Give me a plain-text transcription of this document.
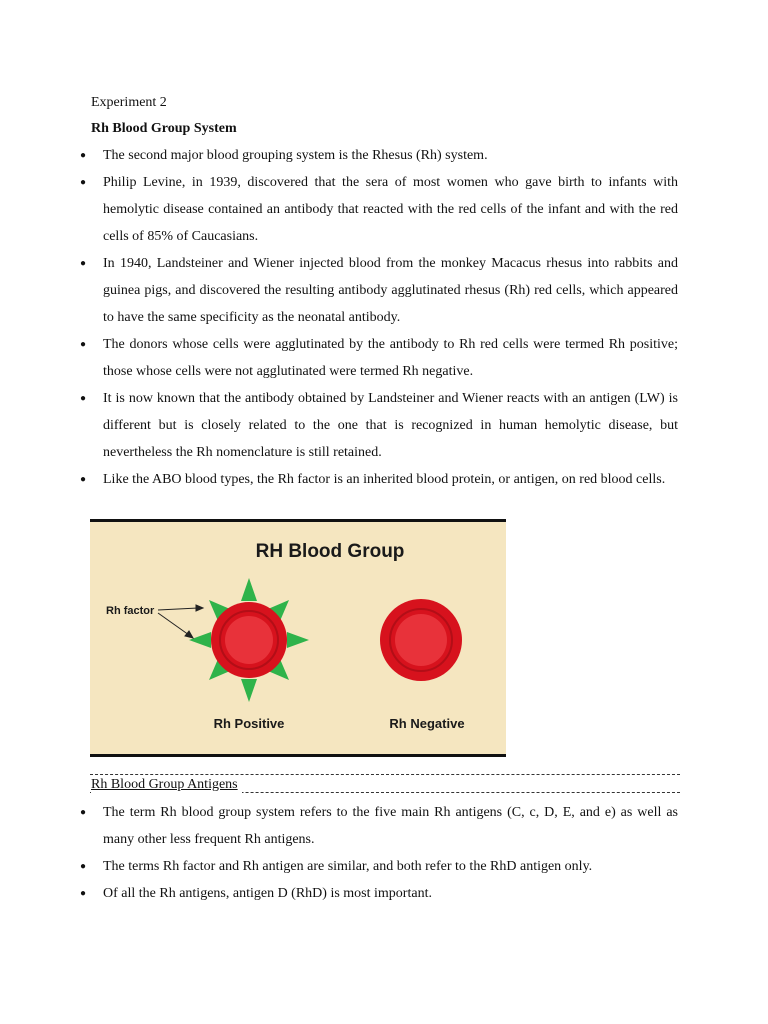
Experiment 2
Rh Blood Group System
● The second major blood grouping system is the Rhesus (Rh) system.
● Philip Levine, in 1939, discovered that the sera of most women who gave birth to infants with hemolytic disease contained an antibody that reacted with the red cells of the infant and with the red cells of 85% of Caucasians.
● In 1940, Landsteiner and Wiener injected blood from the monkey Macacus rhesus into rabbits and guinea pigs, and discovered the resulting antibody agglutinated rhesus (Rh) red cells, which appeared to have the same specificity as the neonatal antibody.
● The donors whose cells were agglutinated by the antibody to Rh red cells were termed Rh positive; those whose cells were not agglutinated were termed Rh negative.
● It is now known that the antibody obtained by Landsteiner and Wiener reacts with an antigen (LW) is different but is closely related to the one that is recognized in human hemolytic disease, but nevertheless the Rh nomenclature is still retained.
● Like the ABO blood types, the Rh factor is an inherited blood protein, or antigen, on red blood cells.
RH Blood Group
Rh factor
Rh Positive	Rh Negative
Rh Blood Group Antigens
● The term Rh blood group system refers to the five main Rh antigens (C, c, D, E, and e) as well as many other less frequent Rh antigens.
● The terms Rh factor and Rh antigen are similar, and both refer to the RhD antigen only.
● Of all the Rh antigens, antigen D (RhD) is most important.
